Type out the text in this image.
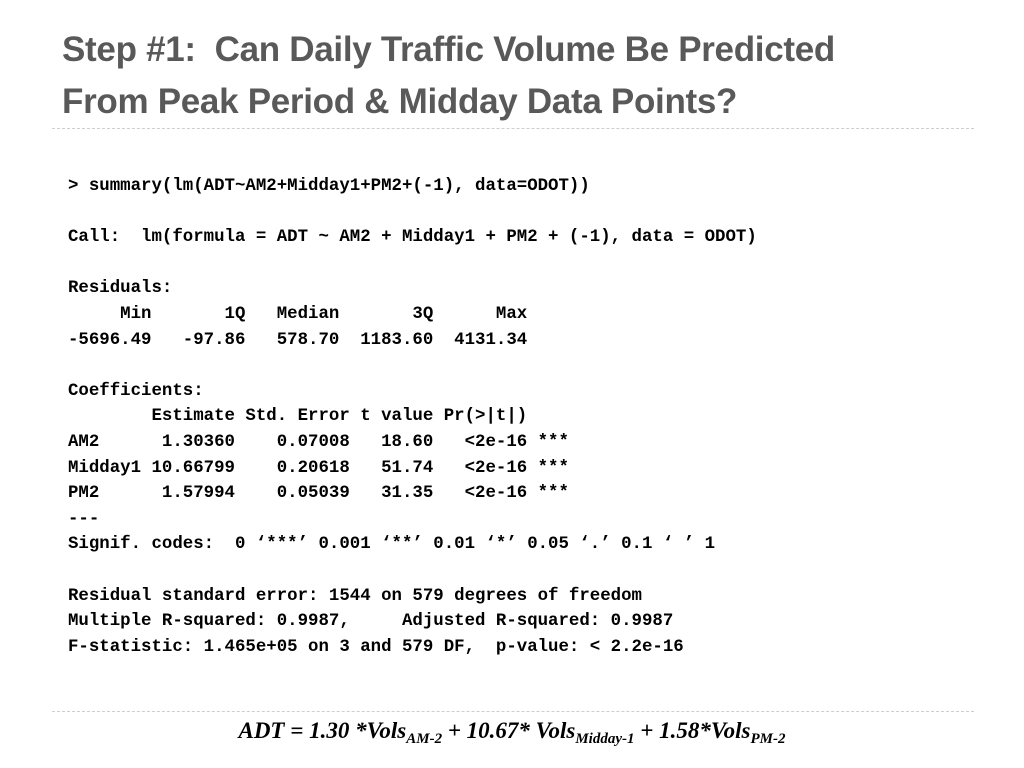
Step #1:  Can Daily Traffic Volume Be Predicted
From Peak Period & Midday Data Points?
> summary(lm(ADT~AM2+Midday1+PM2+(-1), data=ODOT))
Call:  lm(formula = ADT ~ AM2 + Midday1 + PM2 + (-1), data = ODOT)
Residuals:
Min       1Q   Median       3Q      Max
-5696.49   -97.86   578.70  1183.60  4131.34
Coefficients:
Estimate Std. Error t value Pr(>|t|)
AM2      1.30360    0.07008   18.60   <2e-16 ***
Midday1 10.66799    0.20618   51.74   <2e-16 ***
PM2      1.57994    0.05039   31.35   <2e-16 ***
---
Signif. codes:  0 ‘***’ 0.001 ‘**’ 0.01 ‘*’ 0.05 ‘.’ 0.1 ‘ ’ 1
Residual standard error: 1544 on 579 degrees of freedom
Multiple R-squared: 0.9987,     Adjusted R-squared: 0.9987
F-statistic: 1.465e+05 on 3 and 579 DF,  p-value: < 2.2e-16
ADT = 1.30 *Vols$_{AM-2}$ + 10.67* Vols$_{Midday-1}$ + 1.58*Vols$_{PM-2}$
